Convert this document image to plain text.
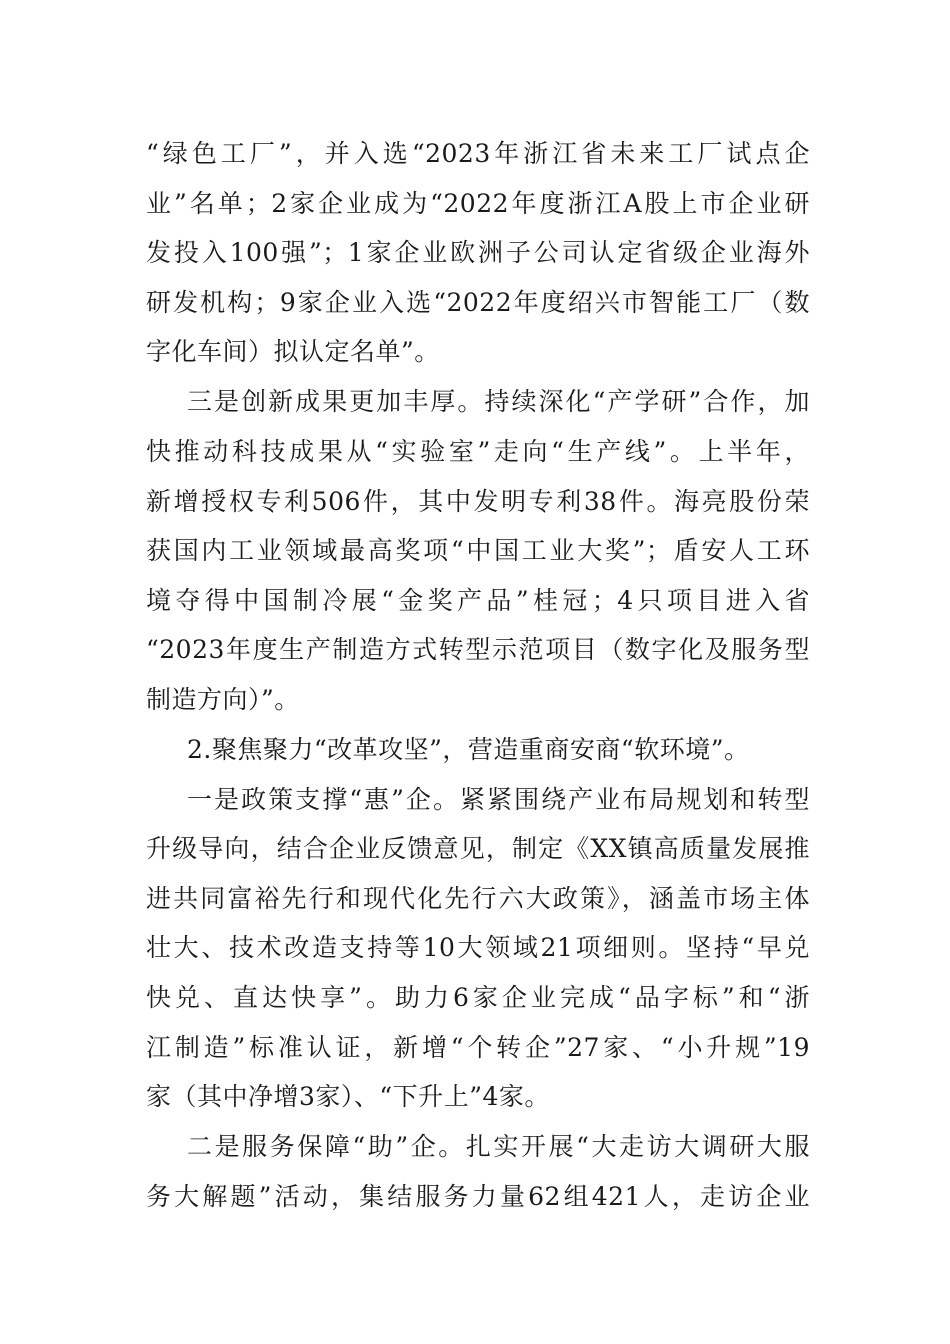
“绿色工厂”，并入选“2023年浙江省未来工厂试点企
业”名单；2家企业成为“2022年度浙江A股上市企业研
发投入100强”；1家企业欧洲子公司认定省级企业海外
研发机构；9家企业入选“2022年度绍兴市智能工厂（数
字化车间）拟认定名单”。
三是创新成果更加丰厚。持续深化“产学研”合作，加
快推动科技成果从“实验室”走向“生产线”。上半年，
新增授权专利506件，其中发明专利38件。海亮股份荣
获国内工业领域最高奖项“中国工业大奖”；盾安人工环
境夺得中国制冷展“金奖产品”桂冠；4只项目进入省
“2023年度生产制造方式转型示范项目（数字化及服务型
制造方向）”。
2.聚焦聚力“改革攻坚”，营造重商安商“软环境”。
一是政策支撑“惠”企。紧紧围绕产业布局规划和转型
升级导向，结合企业反馈意见，制定《XX镇高质量发展推
进共同富裕先行和现代化先行六大政策》，涵盖市场主体
壮大、技术改造支持等10大领域21项细则。坚持“早兑
快兑、直达快享”。助力6家企业完成“品字标”和“浙
江制造”标准认证，新增“个转企”27家、“小升规”19
家（其中净增3家）、“下升上”4家。
二是服务保障“助”企。扎实开展“大走访大调研大服
务大解题”活动，集结服务力量62组421人，走访企业
